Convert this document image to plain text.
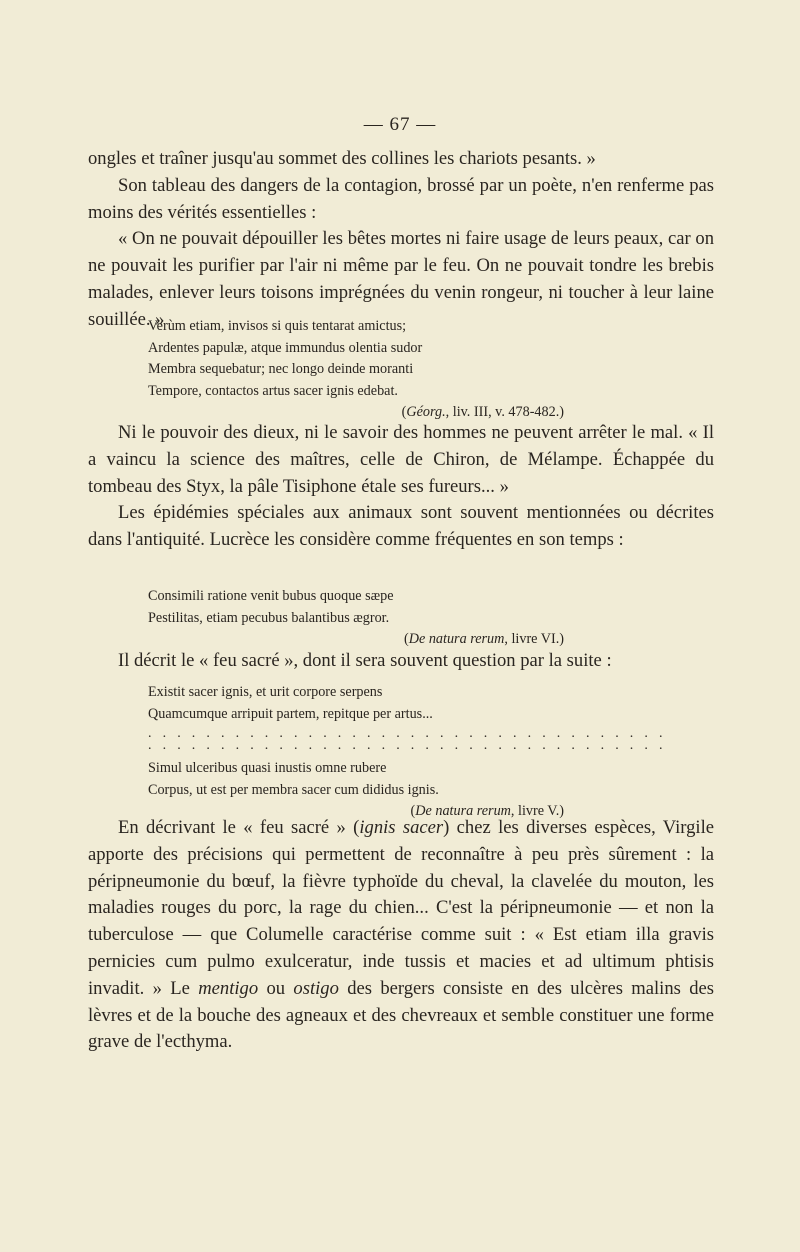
— 67 —

ongles et traîner jusqu'au sommet des collines les chariots pesants. »

Son tableau des dangers de la contagion, brossé par un poète, n'en renferme pas moins des vérités essentielles :

« On ne pouvait dépouiller les bêtes mortes ni faire usage de leurs peaux, car on ne pouvait les purifier par l'air ni même par le feu. On ne pouvait tondre les brebis malades, enlever leurs toisons imprégnées du venin rongeur, ni toucher à leur laine souillée. »

Verùm etiam, invisos si quis tentarat amictus;
Ardentes papulæ, atque immundus olentia sudor
Membra sequebatur; nec longo deinde moranti
Tempore, contactos artus sacer ignis edebat.
(Géorg., liv. III, v. 478-482.)

Ni le pouvoir des dieux, ni le savoir des hommes ne peuvent arrêter le mal. « Il a vaincu la science des maîtres, celle de Chiron, de Mélampe. Échappée du tombeau des Styx, la pâle Tisiphone étale ses fureurs... »

Les épidémies spéciales aux animaux sont souvent mentionnées ou décrites dans l'antiquité. Lucrèce les considère comme fréquentes en son temps :

Consimili ratione venit bubus quoque sæpe
Pestilitas, etiam pecubus balantibus ægror.
(De natura rerum, livre VI.)

Il décrit le « feu sacré », dont il sera souvent question par la suite :

Existit sacer ignis, et urit corpore serpens
Quamcumque arripuit partem, repitque per artus...
. . . . . . . . . . . . . . . . . . . . . . . . . . . . . . . . . . . .
. . . . . . . . . . . . . . . . . . . . . . . . . . . . . . . . . . . .
Simul ulceribus quasi inustis omne rubere
Corpus, ut est per membra sacer cum dididus ignis.
(De natura rerum, livre V.)

En décrivant le « feu sacré » (ignis sacer) chez les diverses espèces, Virgile apporte des précisions qui permettent de reconnaître à peu près sûrement : la péripneumonie du bœuf, la fièvre typhoïde du cheval, la clavelée du mouton, les maladies rouges du porc, la rage du chien... C'est la péripneumonie — et non la tuberculose — que Columelle caractérise comme suit : « Est etiam illa gravis pernicies cum pulmo exulceratur, inde tussis et macies et ad ultimum phtisis invadit. » Le mentigo ou ostigo des bergers consiste en des ulcères malins des lèvres et de la bouche des agneaux et des chevreaux et semble constituer une forme grave de l'ecthyma.
